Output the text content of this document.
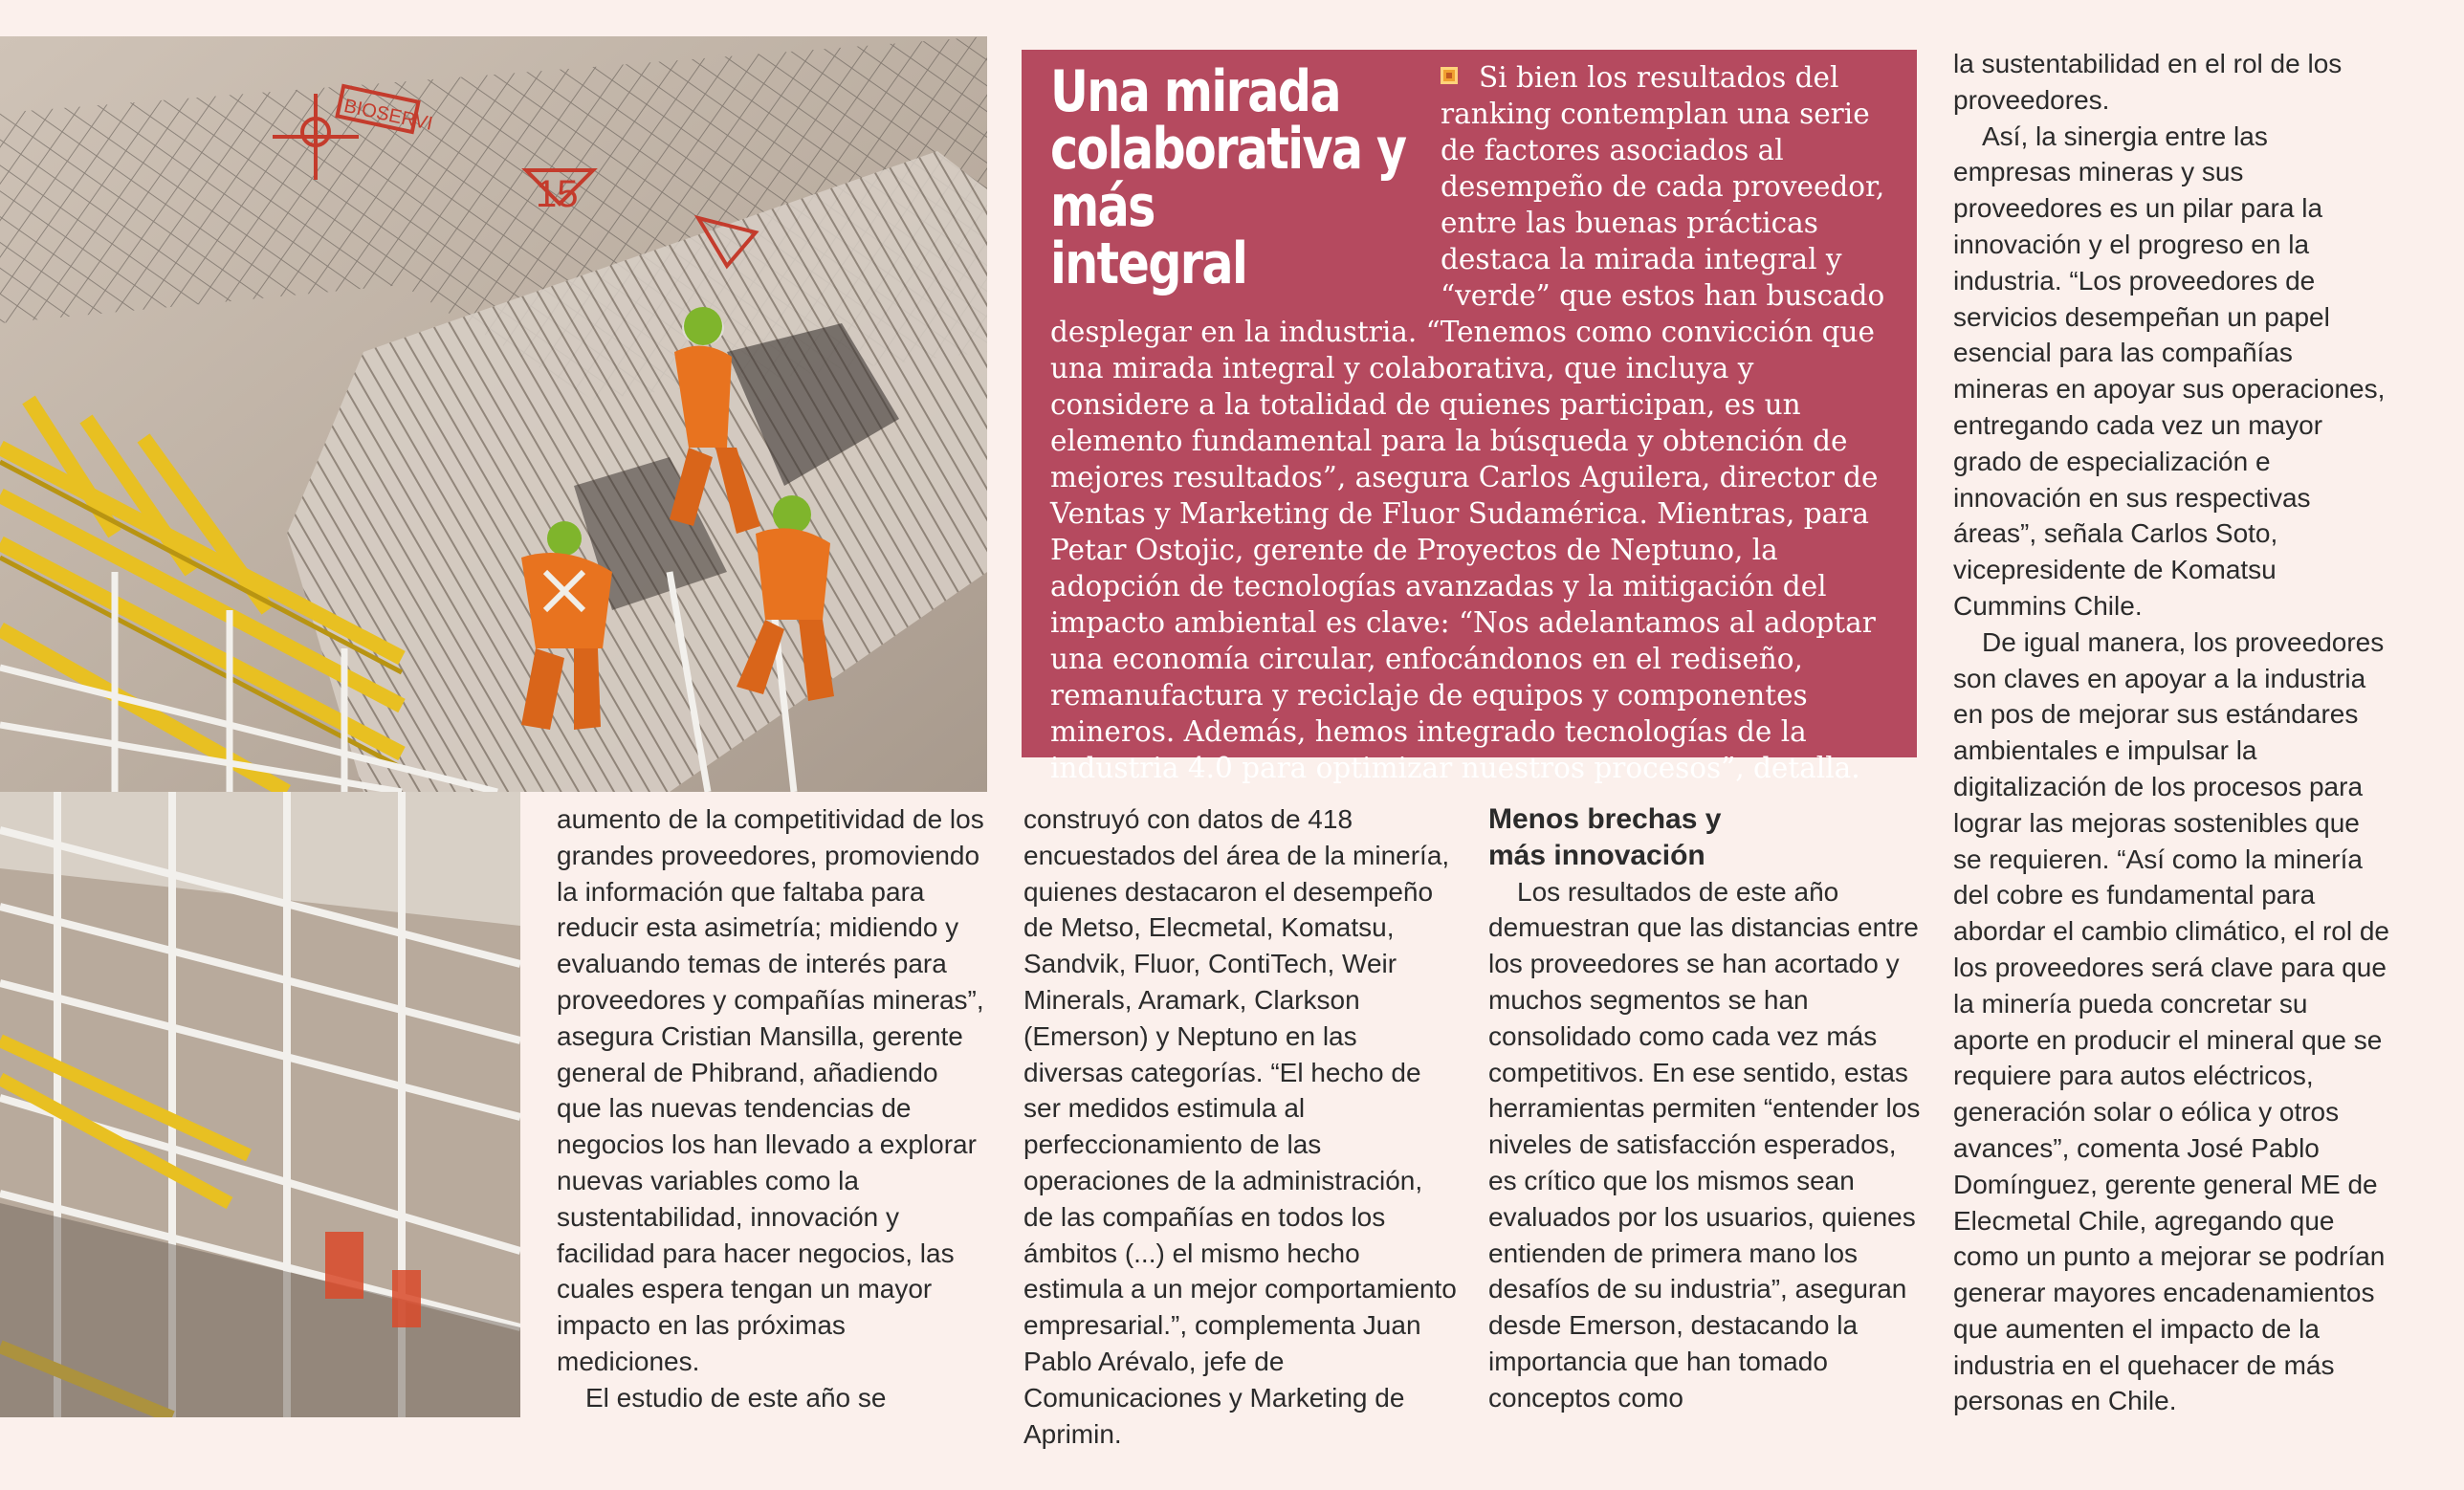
BIOSERVI
15
Una mirada
colaborativa y más
integral

Si bien los resultados del ranking contemplan una serie de factores asociados al desempeño de cada proveedor, entre las buenas prácticas destaca la mirada integral y “verde” que estos han buscado desplegar en la industria. “Tenemos como convicción que una mirada integral y colaborativa, que incluya y considere a la totalidad de quienes participan, es un elemento fundamental para la búsqueda y obtención de mejores resultados”, asegura Carlos Aguilera, director de Ventas y Marketing de Fluor Sudamérica. Mientras, para Petar Ostojic, gerente de Proyectos de Neptuno, la adopción de tecnologías avanzadas y la mitigación del impacto ambiental es clave: “Nos adelantamos al adoptar una economía circular, enfocándonos en el rediseño, remanufactura y reciclaje de equipos y componentes mineros. Además, hemos integrado tecnologías de la industria 4.0 para optimizar nuestros procesos”, detalla.

aumento de la competitividad de los grandes proveedores, promoviendo la información que faltaba para reducir esta asimetría; midiendo y evaluando temas de interés para proveedores y compañías mineras”, asegura Cristian Mansilla, gerente general de Phibrand, añadiendo que las nuevas tendencias de negocios los han llevado a explorar nuevas variables como la sustentabilidad, innovación y facilidad para hacer negocios, las cuales espera tengan un mayor impacto en las próximas mediciones.

El estudio de este año se

construyó con datos de 418 encuestados del área de la minería, quienes destacaron el desempeño de Metso, Elecmetal, Komatsu, Sandvik, Fluor, ContiTech, Weir Minerals, Aramark, Clarkson (Emerson) y Neptuno en las diversas categorías. “El hecho de ser medidos estimula al perfeccionamiento de las operaciones de la administración, de las compañías en todos los ámbitos (...) el mismo hecho estimula a un mejor comportamiento empresarial.”, complementa Juan Pablo Arévalo, jefe de Comunicaciones y Marketing de Aprimin.

Menos brechas y
más innovación

Los resultados de este año demuestran que las distancias entre los proveedores se han acortado y muchos segmentos se han consolidado como cada vez más competitivos. En ese sentido, estas herramientas permiten “entender los niveles de satisfacción esperados, es crítico que los mismos sean evaluados por los usuarios, quienes entienden de primera mano los desafíos de su industria”, aseguran desde Emerson, destacando la importancia que han tomado conceptos como

la sustentabilidad en el rol de los proveedores.

Así, la sinergia entre las empresas mineras y sus proveedores es un pilar para la innovación y el progreso en la industria. “Los proveedores de servicios desempeñan un papel esencial para las compañías mineras en apoyar sus operaciones, entregando cada vez un mayor grado de especialización e innovación en sus respectivas áreas”, señala Carlos Soto, vicepresidente de Komatsu Cummins Chile.

De igual manera, los proveedores son claves en apoyar a la industria en pos de mejorar sus estándares ambientales e impulsar la digitalización de los procesos para lograr las mejoras sostenibles que se requieren. “Así como la minería del cobre es fundamental para abordar el cambio climático, el rol de los proveedores será clave para que la minería pueda concretar su aporte en producir el mineral que se requiere para autos eléctricos, generación solar o eólica y otros avances”, comenta José Pablo Domínguez, gerente general ME de Elecmetal Chile, agregando que como un punto a mejorar se podrían generar mayores encadenamientos que aumenten el impacto de la industria en el quehacer de más personas en Chile.
